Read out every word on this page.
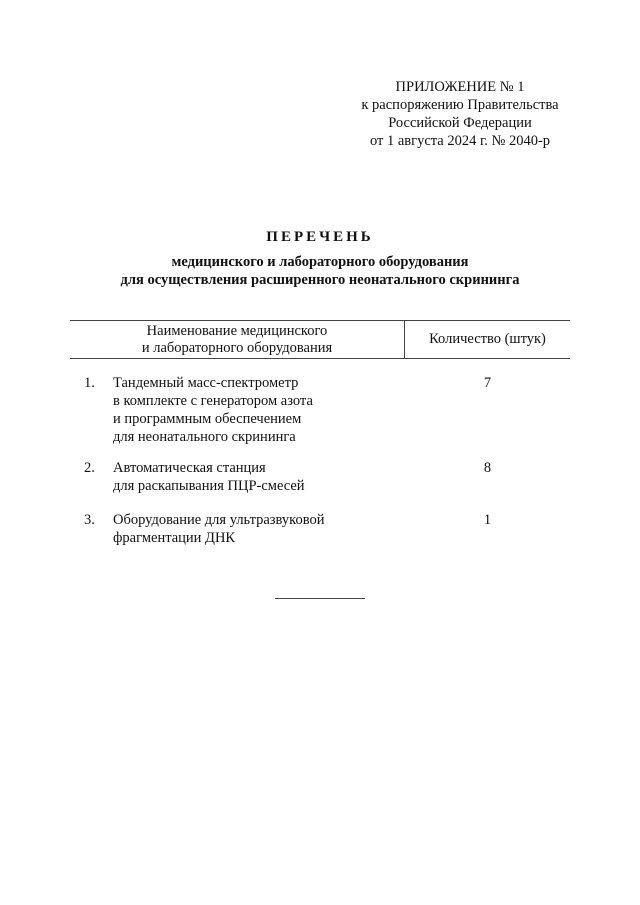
ПРИЛОЖЕНИЕ № 1
к распоряжению Правительства
Российской Федерации
от 1 августа 2024 г. № 2040-р
ПЕРЕЧЕНЬ
медицинского и лабораторного оборудования
для осуществления расширенного неонатального скрининга
Наименование медицинского
и лабораторного оборудования
Количество (штук)
1. Тандемный масс-спектрометр
в комплекте с генератором азота
и программным обеспечением
для неонатального скрининга
7
2. Автоматическая станция
для раскапывания ПЦР-смесей
8
3. Оборудование для ультразвуковой
фрагментации ДНК
1
